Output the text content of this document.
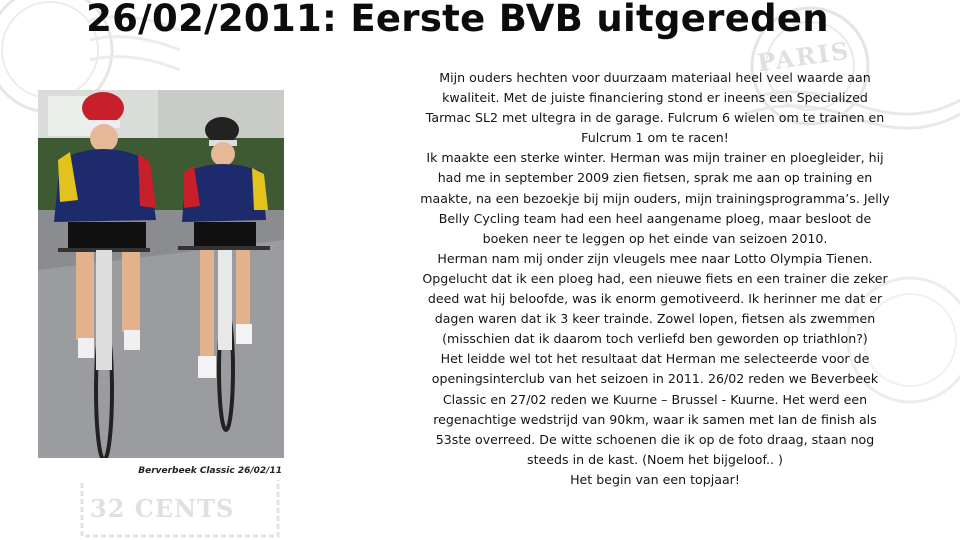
PARIS
32 CENTS
26/02/2011: Eerste BVB uitgereden
Berverbeek Classic 26/02/11

Mijn ouders hechten voor duurzaam materiaal heel veel waarde aan kwaliteit. Met de juiste financiering stond er ineens een Specialized Tarmac SL2 met ultegra in de garage. Fulcrum 6 wielen om te trainen en Fulcrum 1 om te racen!

Ik maakte een sterke winter. Herman was mijn trainer en ploegleider, hij had me in september 2009 zien fietsen, sprak me aan op training en maakte, na een bezoekje bij mijn ouders, mijn trainingsprogramma’s. Jelly Belly Cycling team had een heel aangename ploeg, maar besloot de boeken neer te leggen op het einde van seizoen 2010.

Herman nam mij onder zijn vleugels mee naar Lotto Olympia Tienen. Opgelucht dat ik een ploeg had, een nieuwe fiets en een trainer die zeker deed wat hij beloofde, was ik enorm gemotiveerd. Ik herinner me dat er dagen waren dat ik 3 keer trainde. Zowel lopen, fietsen als zwemmen (misschien dat ik daarom toch verliefd ben geworden op triathlon?)

Het leidde wel tot het resultaat dat Herman me selecteerde voor de openingsinterclub van het seizoen in 2011. 26/02 reden we Beverbeek Classic en 27/02 reden we Kuurne – Brussel - Kuurne. Het werd een regenachtige wedstrijd van 90km, waar ik samen met Ian de finish als 53ste overreed. De witte schoenen die ik op de foto draag, staan nog steeds in de kast. (Noem het bijgeloof.. )

Het begin van een topjaar!
